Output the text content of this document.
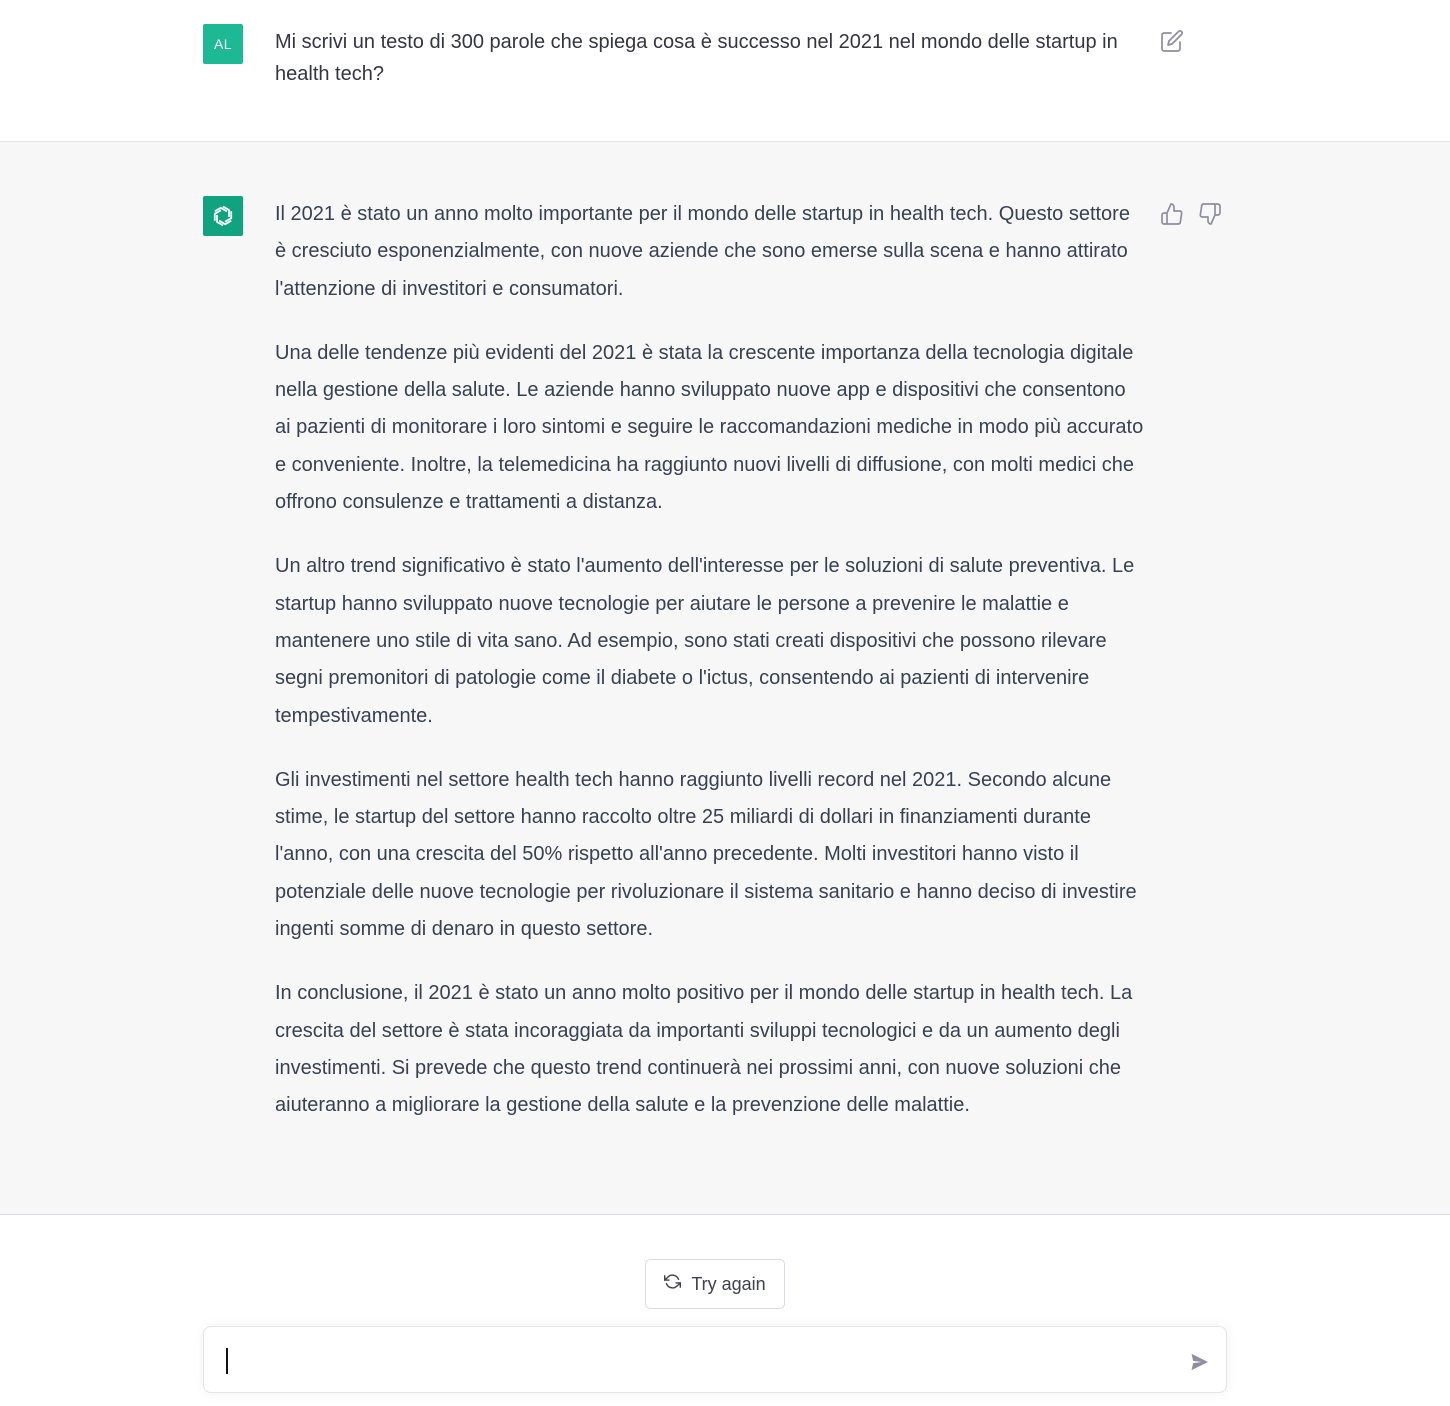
AL	Mi scrivi un testo di 300 parole che spiega cosa è successo nel 2021 nel mondo delle startup in health tech?

Il 2021 è stato un anno molto importante per il mondo delle startup in health tech. Questo settore è cresciuto esponenzialmente, con nuove aziende che sono emerse sulla scena e hanno attirato l'attenzione di investitori e consumatori.

Una delle tendenze più evidenti del 2021 è stata la crescente importanza della tecnologia digitale nella gestione della salute. Le aziende hanno sviluppato nuove app e dispositivi che consentono ai pazienti di monitorare i loro sintomi e seguire le raccomandazioni mediche in modo più accurato e conveniente. Inoltre, la telemedicina ha raggiunto nuovi livelli di diffusione, con molti medici che offrono consulenze e trattamenti a distanza.

Un altro trend significativo è stato l'aumento dell'interesse per le soluzioni di salute preventiva. Le startup hanno sviluppato nuove tecnologie per aiutare le persone a prevenire le malattie e mantenere uno stile di vita sano. Ad esempio, sono stati creati dispositivi che possono rilevare segni premonitori di patologie come il diabete o l'ictus, consentendo ai pazienti di intervenire tempestivamente.

Gli investimenti nel settore health tech hanno raggiunto livelli record nel 2021. Secondo alcune stime, le startup del settore hanno raccolto oltre 25 miliardi di dollari in finanziamenti durante l'anno, con una crescita del 50% rispetto all'anno precedente. Molti investitori hanno visto il potenziale delle nuove tecnologie per rivoluzionare il sistema sanitario e hanno deciso di investire ingenti somme di denaro in questo settore.

In conclusione, il 2021 è stato un anno molto positivo per il mondo delle startup in health tech. La crescita del settore è stata incoraggiata da importanti sviluppi tecnologici e da un aumento degli investimenti. Si prevede che questo trend continuerà nei prossimi anni, con nuove soluzioni che aiuteranno a migliorare la gestione della salute e la prevenzione delle malattie.

Try again
